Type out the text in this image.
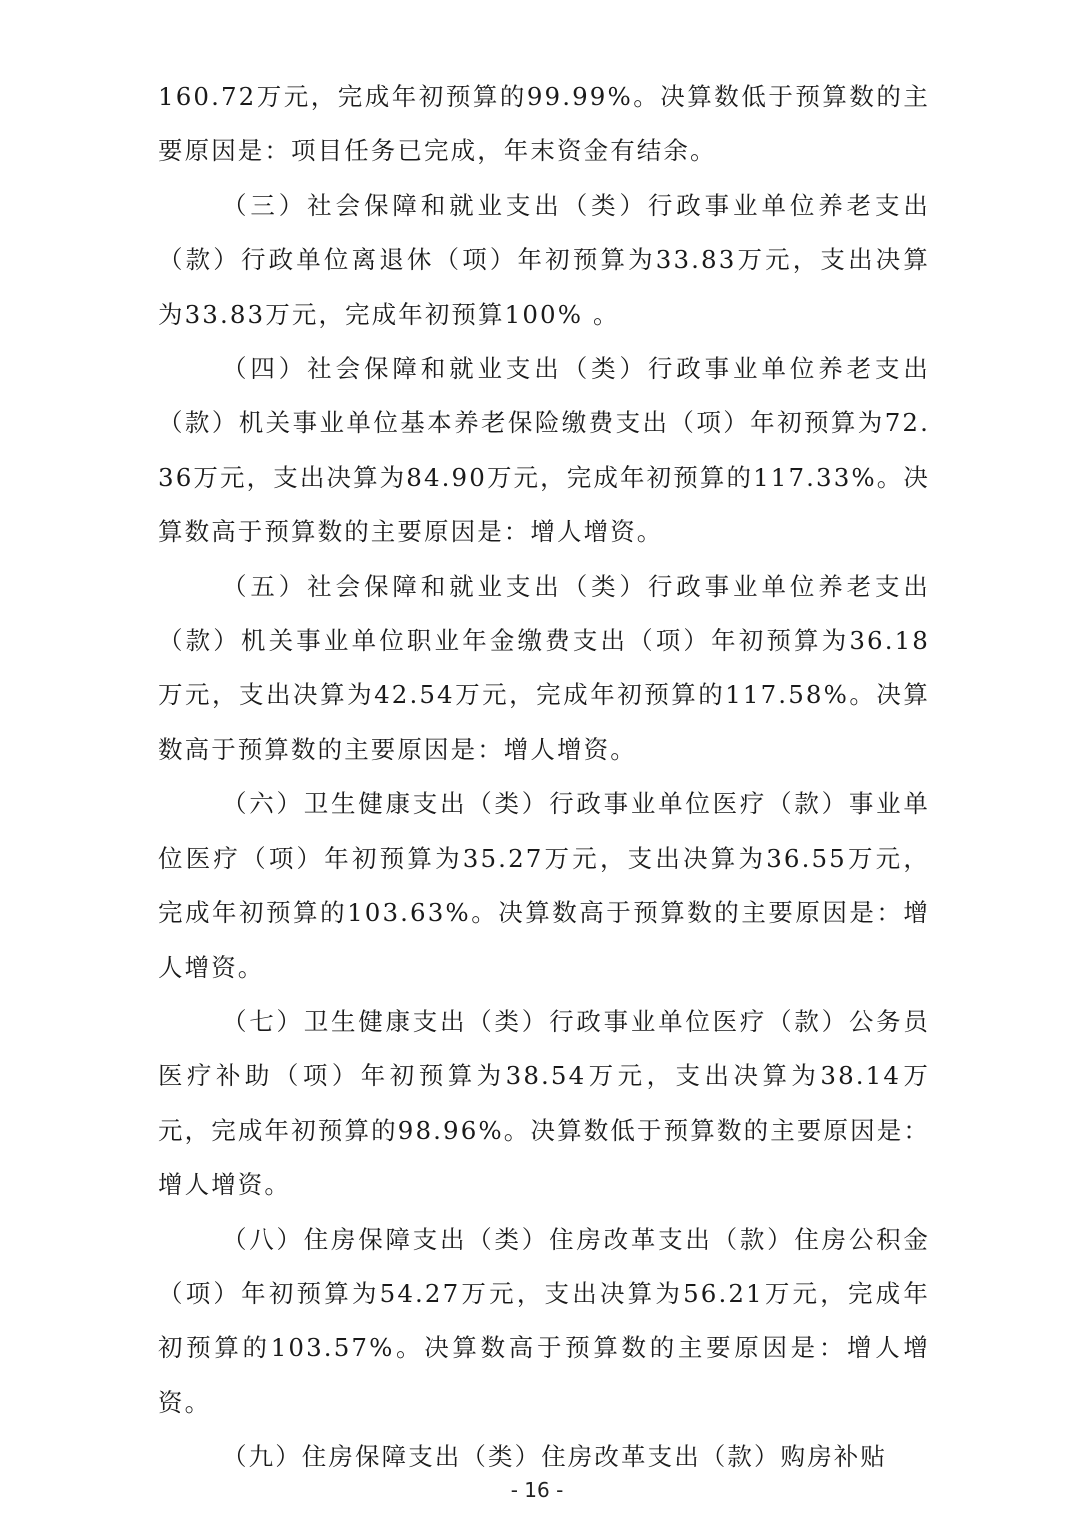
160.72万元，完成年初预算的99.99%。决算数低于预算数的主要原因是：项目任务已完成，年末资金有结余。

（三）社会保障和就业支出（类）行政事业单位养老支出（款）行政单位离退休（项）年初预算为33.83万元，支出决算为33.83万元，完成年初预算100% 。

（四）社会保障和就业支出（类）行政事业单位养老支出（款）机关事业单位基本养老保险缴费支出（项）年初预算为72.36万元，支出决算为84.90万元，完成年初预算的117.33%。决算数高于预算数的主要原因是：增人增资。

（五）社会保障和就业支出（类）行政事业单位养老支出（款）机关事业单位职业年金缴费支出（项）年初预算为36.18万元，支出决算为42.54万元，完成年初预算的117.58%。决算数高于预算数的主要原因是：增人增资。

（六）卫生健康支出（类）行政事业单位医疗（款）事业单位医疗（项）年初预算为35.27万元，支出决算为36.55万元，完成年初预算的103.63%。决算数高于预算数的主要原因是：增人增资。

（七）卫生健康支出（类）行政事业单位医疗（款）公务员医疗补助（项）年初预算为38.54万元，支出决算为38.14万元，完成年初预算的98.96%。决算数低于预算数的主要原因是：增人增资。

（八）住房保障支出（类）住房改革支出（款）住房公积金（项）年初预算为54.27万元，支出决算为56.21万元，完成年初预算的103.57%。决算数高于预算数的主要原因是：增人增资。

（九）住房保障支出（类）住房改革支出（款）购房补贴

- 16 -
